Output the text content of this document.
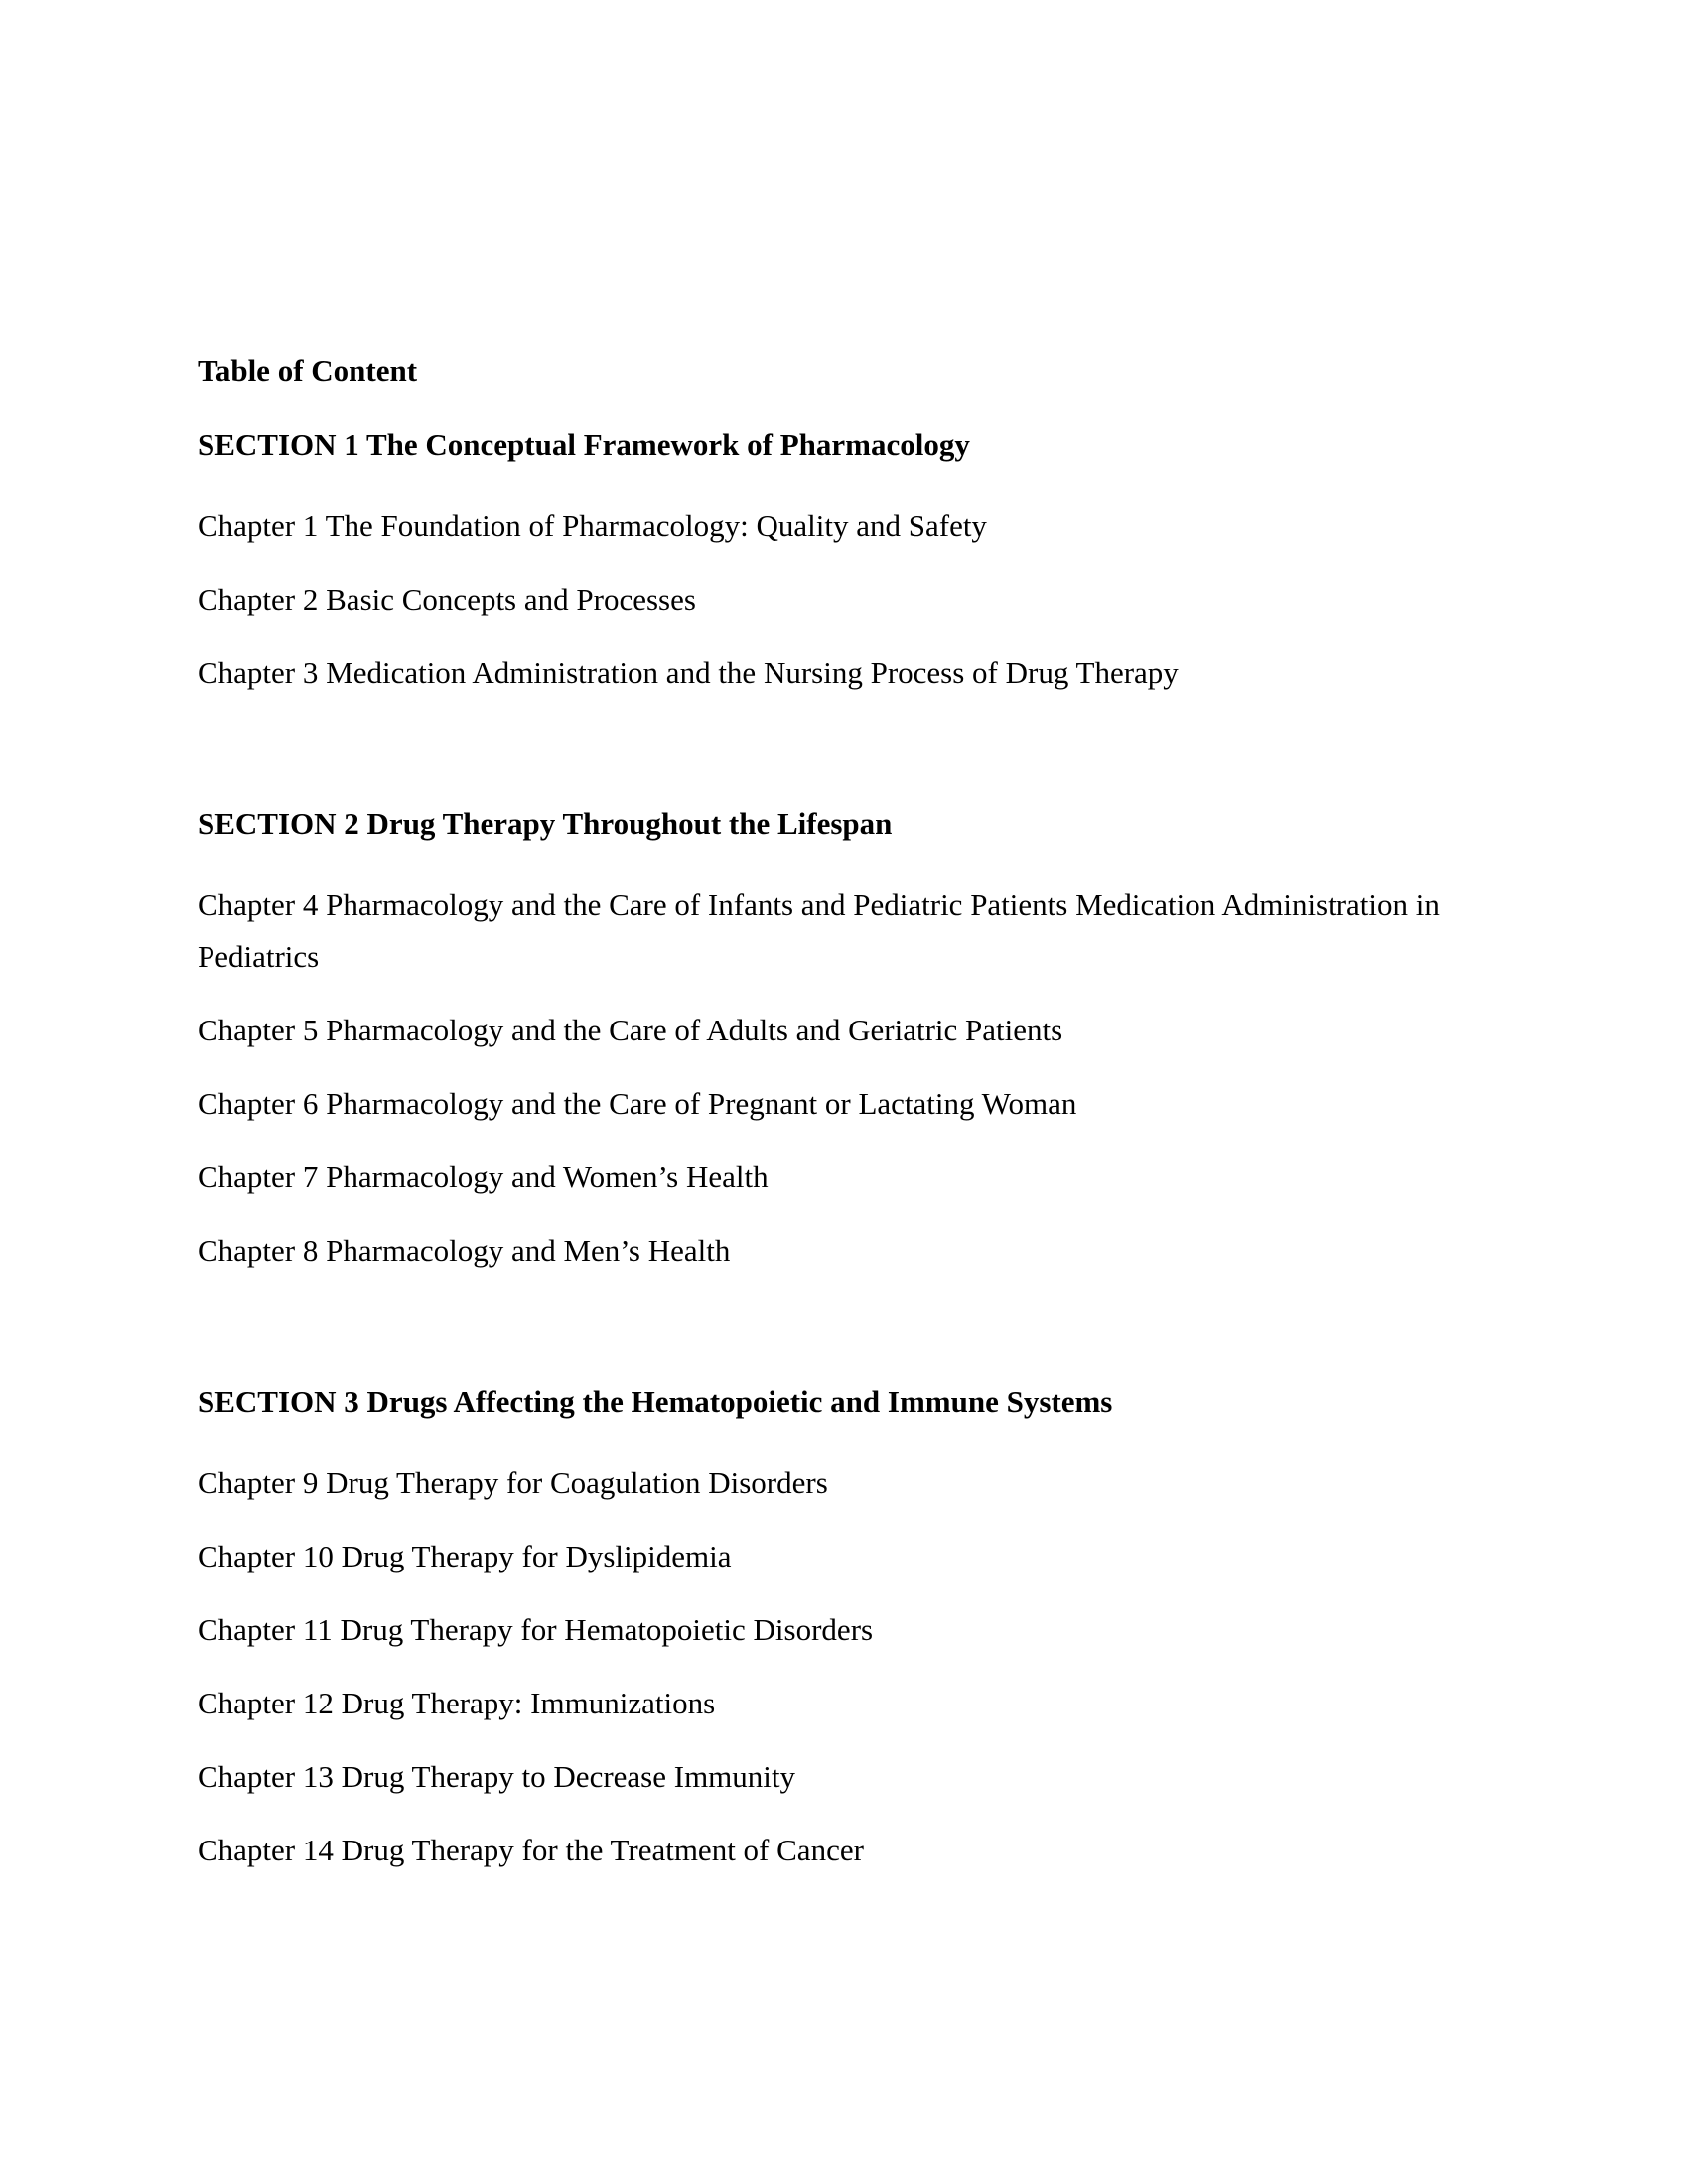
Table of Content
SECTION 1 The Conceptual Framework of Pharmacology
Chapter 1 The Foundation of Pharmacology: Quality and Safety
Chapter 2 Basic Concepts and Processes
Chapter 3 Medication Administration and the Nursing Process of Drug Therapy
SECTION 2 Drug Therapy Throughout the Lifespan
Chapter 4 Pharmacology and the Care of Infants and Pediatric Patients Medication Administration in Pediatrics
Chapter 5 Pharmacology and the Care of Adults and Geriatric Patients
Chapter 6 Pharmacology and the Care of Pregnant or Lactating Woman
Chapter 7 Pharmacology and Women’s Health
Chapter 8 Pharmacology and Men’s Health
SECTION 3 Drugs Affecting the Hematopoietic and Immune Systems
Chapter 9 Drug Therapy for Coagulation Disorders
Chapter 10 Drug Therapy for Dyslipidemia
Chapter 11 Drug Therapy for Hematopoietic Disorders
Chapter 12 Drug Therapy: Immunizations
Chapter 13 Drug Therapy to Decrease Immunity
Chapter 14 Drug Therapy for the Treatment of Cancer
